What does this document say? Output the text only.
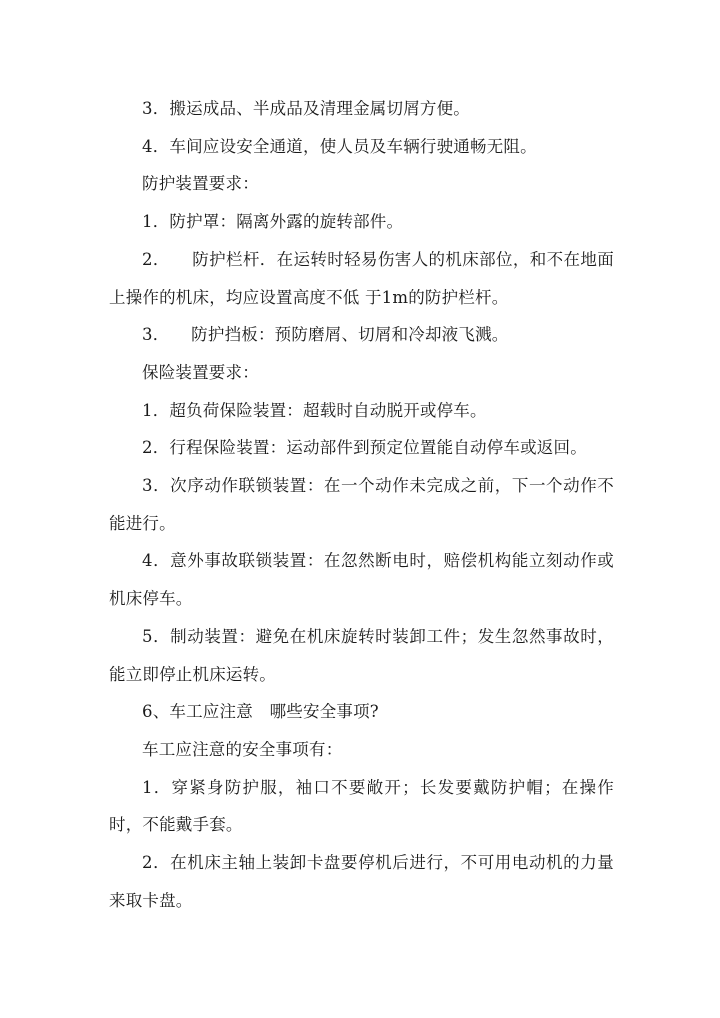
3．搬运成品、半成品及清理金属切屑方便。

4．车间应设安全通道，使人员及车辆行驶通畅无阻。

防护装置要求：

1．防护罩：隔离外露的旋转部件。

2．    防护栏杆．在运转时轻易伤害人的机床部位，和不在地面上操作的机床，均应设置高度不低 于1m的防护栏杆。

3．    防护挡板：预防磨屑、切屑和冷却液飞溅。

保险装置要求：

1．超负荷保险装置：超载时自动脱开或停车。

2．行程保险装置：运动部件到预定位置能自动停车或返回。

3．次序动作联锁装置：在一个动作未完成之前，下一个动作不能进行。

4．意外事故联锁装置：在忽然断电时，赔偿机构能立刻动作或机床停车。

5．制动装置：避免在机床旋转时装卸工件；发生忽然事故时，能立即停止机床运转。

6、车工应注意　哪些安全事项?

车工应注意的安全事项有：

1．穿紧身防护服，袖口不要敞开；长发要戴防护帽；在操作时，不能戴手套。

2．在机床主轴上装卸卡盘要停机后进行，不可用电动机的力量来取卡盘。
